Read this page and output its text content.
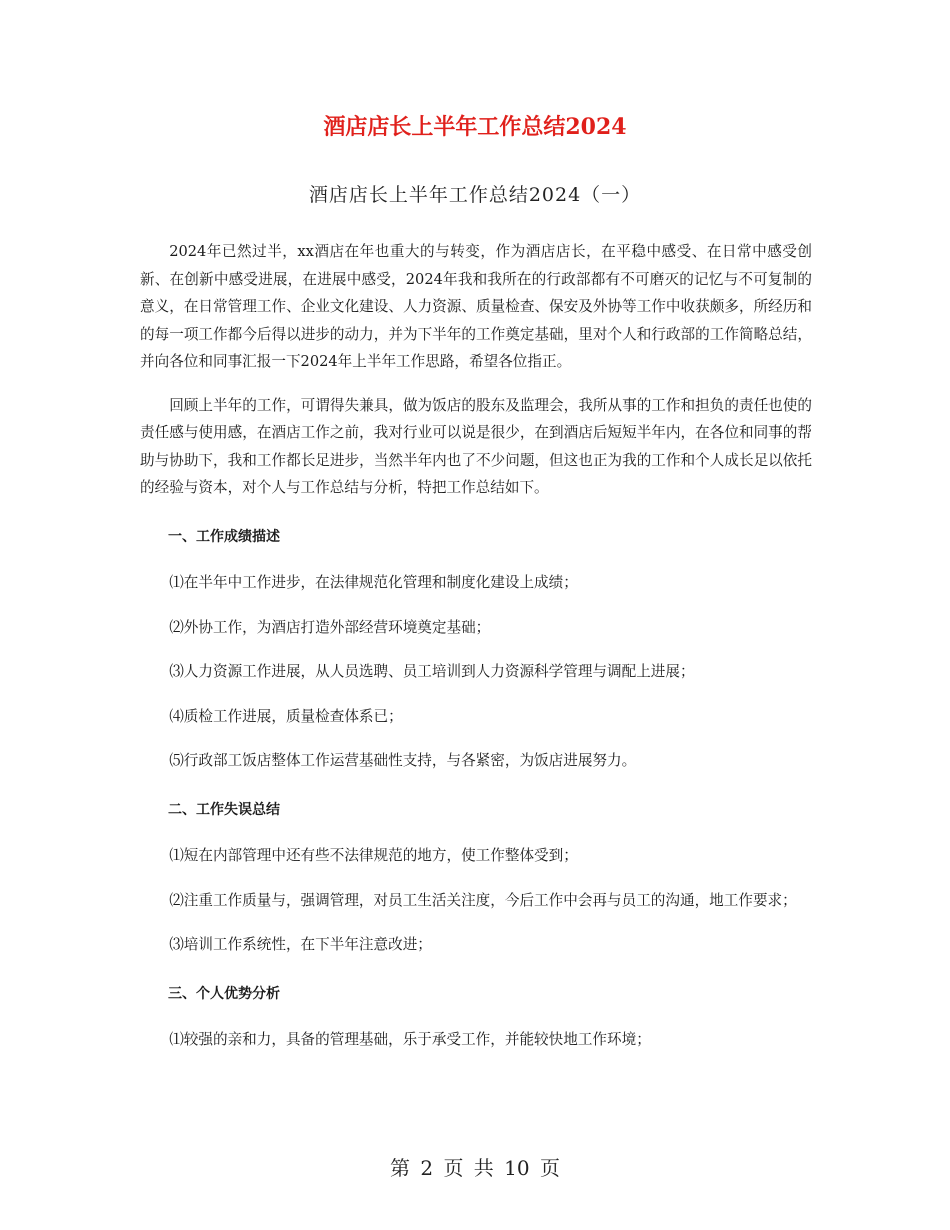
酒店店长上半年工作总结2024
酒店店长上半年工作总结2024（一）

2024年已然过半，xx酒店在年也重大的与转变，作为酒店店长，在平稳中感受、在日常中感受创新、在创新中感受进展，在进展中感受，2024年我和我所在的行政部都有不可磨灭的记忆与不可复制的意义，在日常管理工作、企业文化建设、人力资源、质量检查、保安及外协等工作中收获颇多，所经历和的每一项工作都今后得以进步的动力，并为下半年的工作奠定基础，里对个人和行政部的工作简略总结，并向各位和同事汇报一下2024年上半年工作思路，希望各位指正。

回顾上半年的工作，可谓得失兼具，做为饭店的股东及监理会，我所从事的工作和担负的责任也使的责任感与使用感，在酒店工作之前，我对行业可以说是很少，在到酒店后短短半年内，在各位和同事的帮助与协助下，我和工作都长足进步，当然半年内也了不少问题，但这也正为我的工作和个人成长足以依托的经验与资本，对个人与工作总结与分析，特把工作总结如下。

一、工作成绩描述

⑴在半年中工作进步，在法律规范化管理和制度化建设上成绩；

⑵外协工作，为酒店打造外部经营环境奠定基础；

⑶人力资源工作进展，从人员选聘、员工培训到人力资源科学管理与调配上进展；

⑷质检工作进展，质量检查体系已；

⑸行政部工饭店整体工作运营基础性支持，与各紧密，为饭店进展努力。

二、工作失误总结

⑴短在内部管理中还有些不法律规范的地方，使工作整体受到；

⑵注重工作质量与，强调管理，对员工生活关注度，今后工作中会再与员工的沟通，地工作要求；

⑶培训工作系统性，在下半年注意改进；

三、个人优势分析

⑴较强的亲和力，具备的管理基础，乐于承受工作，并能较快地工作环境；

第 2 页 共 10 页
